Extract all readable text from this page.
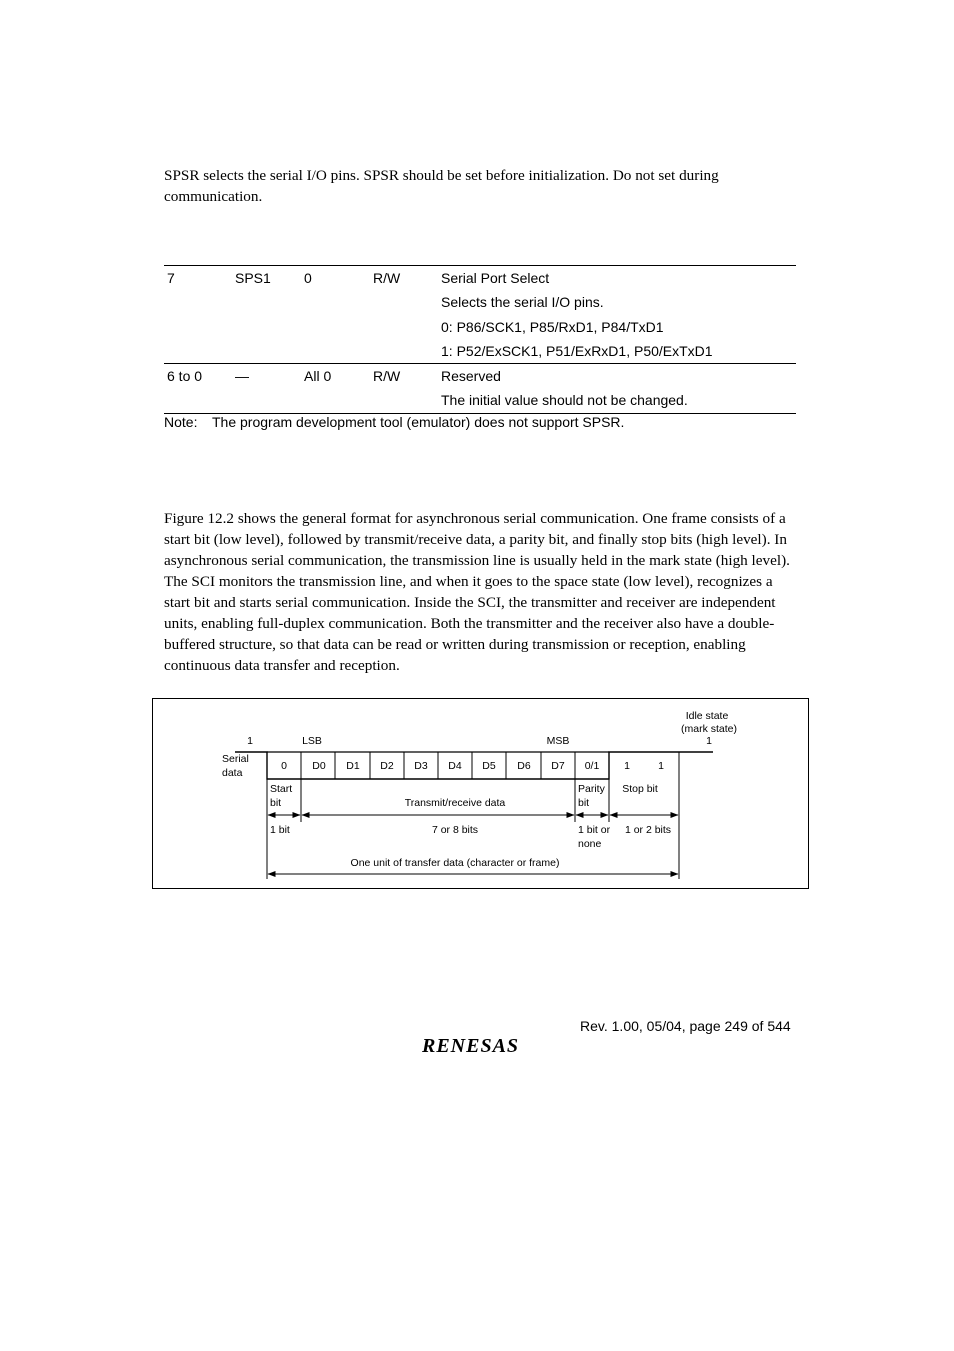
SPSR selects the serial I/O pins. SPSR should be set before initialization. Do not set during communication.

7	SPS1	0	R/W	Serial Port Select
				Selects the serial I/O pins.
				0: P86/SCK1, P85/RxD1, P84/TxD1
				1: P52/ExSCK1, P51/ExRxD1, P50/ExTxD1
6 to 0	—	All 0	R/W	Reserved
				The initial value should not be changed.
Note: The program development tool (emulator) does not support SPSR.

Figure 12.2 shows the general format for asynchronous serial communication. One frame consists of a start bit (low level), followed by transmit/receive data, a parity bit, and finally stop bits (high level). In asynchronous serial communication, the transmission line is usually held in the mark state (high level). The SCI monitors the transmission line, and when it goes to the space state (low level), recognizes a start bit and starts serial communication. Inside the SCI, the transmitter and receiver are independent units, enabling full-duplex communication. Both the transmitter and the receiver also have a double-buffered structure, so that data can be read or written during transmission or reception, enabling continuous data transfer and reception.

Idle state
(mark state)
1	1
LSB	MSB
Serial
data
0 D0 D1 D2 D3 D4 D5 D6 D7 0/1 1	1
Start
bit	Transmit/receive data
Parity
bit
Stop bit
1 bit	7 or 8 bits	1 bit or
none
1 or 2 bits
One unit of transfer data (character or frame)
Rev. 1.00, 05/04, page 249 of 544
RENESAS
